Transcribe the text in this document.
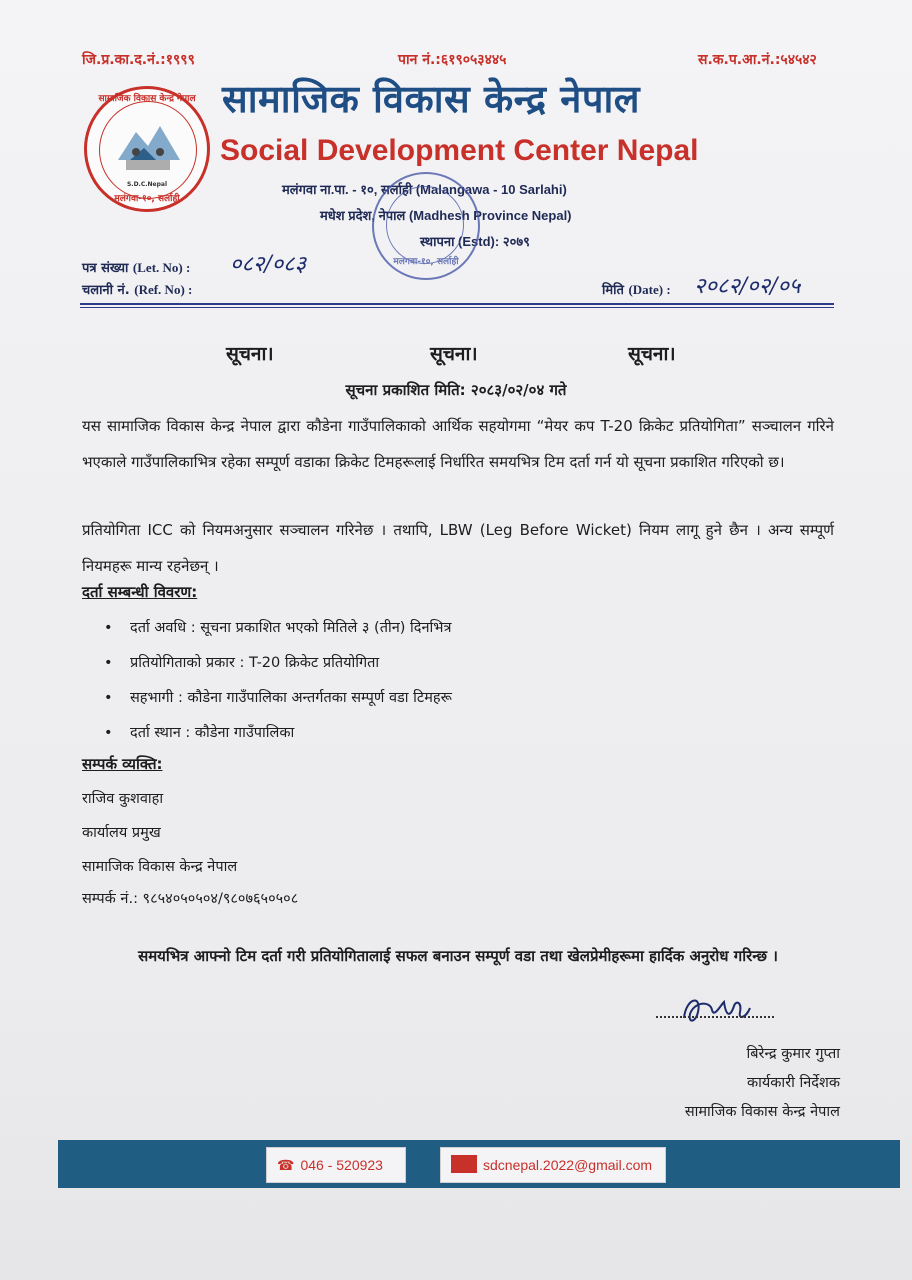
जि.प्र.का.द.नं.:१९९९	पान नं.:६१९०५३४४५	स.क.प.आ.नं.:५४५४२
सामाजिक विकास केन्द्र नेपाल
S.D.C.Nepal
मलंगवा-१०, सर्लाही
सामाजिक विकास केन्द्र नेपाल
Social Development Center Nepal
मलंगवा ना.पा. - १०, सर्लाही (Malangawa - 10 Sarlahi)
मधेश प्रदेश, नेपाल (Madhesh Province Nepal)
स्थापना (Estd): २०७९
मलंगवा-१०, सर्लाही
पत्र संख्या (Let. No) : ०८२/०८३
चलानी नं. (Ref. No) :	मिति (Date) : २०८२/०२/०५
सूचना।	सूचना।	सूचना।
सूचना प्रकाशित मिति: २०८३/०२/०४ गते
यस सामाजिक विकास केन्द्र नेपाल द्वारा कौडेना गाउँपालिकाको आर्थिक सहयोगमा “मेयर कप T-20 क्रिकेट प्रतियोगिता” सञ्चालन गरिने भएकाले गाउँपालिकाभित्र रहेका सम्पूर्ण वडाका क्रिकेट टिमहरूलाई निर्धारित समयभित्र टिम दर्ता गर्न यो सूचना प्रकाशित गरिएको छ।
प्रतियोगिता ICC को नियमअनुसार सञ्चालन गरिनेछ । तथापि, LBW (Leg Before Wicket) नियम लागू हुने छैन । अन्य सम्पूर्ण नियमहरू मान्य रहनेछन् ।
दर्ता सम्बन्धी विवरण:
• दर्ता अवधि : सूचना प्रकाशित भएको मितिले ३ (तीन) दिनभित्र
• प्रतियोगिताको प्रकार : T-20 क्रिकेट प्रतियोगिता
• सहभागी : कौडेना गाउँपालिका अन्तर्गतका सम्पूर्ण वडा टिमहरू
• दर्ता स्थान : कौडेना गाउँपालिका
सम्पर्क व्यक्ति:
राजिव कुशवाहा
कार्यालय प्रमुख
सामाजिक विकास केन्द्र नेपाल
सम्पर्क नं.: ९८५४०५०५०४/९८०७६५०५०८
समयभित्र आफ्नो टिम दर्ता गरी प्रतियोगितालाई सफल बनाउन सम्पूर्ण वडा तथा खेलप्रेमीहरूमा हार्दिक अनुरोध गरिन्छ ।
बिरेन्द्र कुमार गुप्ता
कार्यकारी निर्देशक
सामाजिक विकास केन्द्र नेपाल
☎ 046 - 520923	sdcnepal.2022@gmail.com
